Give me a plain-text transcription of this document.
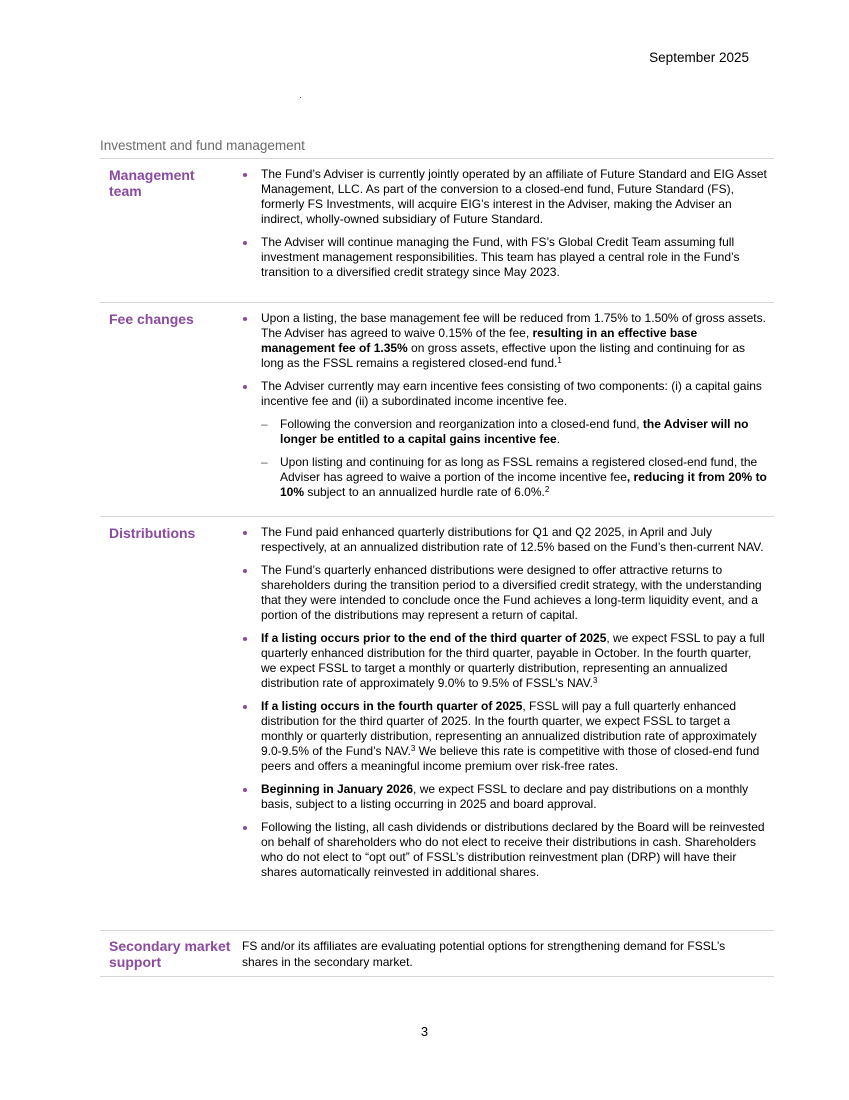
September 2025
Investment and fund management
Management
team
The Fund’s Adviser is currently jointly operated by an affiliate of Future Standard and EIG Asset Management, LLC. As part of the conversion to a closed-end fund, Future Standard (FS), formerly FS Investments, will acquire EIG’s interest in the Adviser, making the Adviser an indirect, wholly-owned subsidiary of Future Standard.
The Adviser will continue managing the Fund, with FS’s Global Credit Team assuming full investment management responsibilities. This team has played a central role in the Fund’s transition to a diversified credit strategy since May 2023.
Fee changes	Upon a listing, the base management fee will be reduced from 1.75% to 1.50% of gross assets. The Adviser has agreed to waive 0.15% of the fee, resulting in an effective base management fee of 1.35% on gross assets, effective upon the listing and continuing for as long as the FSSL remains a registered closed-end fund.$^1$
The Adviser currently may earn incentive fees consisting of two components: (i) a capital gains incentive fee and (ii) a subordinated income incentive fee.
– Following the conversion and reorganization into a closed-end fund, the Adviser will no longer be entitled to a capital gains incentive fee.
– Upon listing and continuing for as long as FSSL remains a registered closed-end fund, the Adviser has agreed to waive a portion of the income incentive fee, reducing it from 20% to 10% subject to an annualized hurdle rate of 6.0%.$^2$
Distributions	The Fund paid enhanced quarterly distributions for Q1 and Q2 2025, in April and July respectively, at an annualized distribution rate of 12.5% based on the Fund’s then-current NAV.
The Fund’s quarterly enhanced distributions were designed to offer attractive returns to shareholders during the transition period to a diversified credit strategy, with the understanding that they were intended to conclude once the Fund achieves a long-term liquidity event, and a portion of the distributions may represent a return of capital.
If a listing occurs prior to the end of the third quarter of 2025, we expect FSSL to pay a full quarterly enhanced distribution for the third quarter, payable in October. In the fourth quarter, we expect FSSL to target a monthly or quarterly distribution, representing an annualized distribution rate of approximately 9.0% to 9.5% of FSSL’s NAV.$^3$
If a listing occurs in the fourth quarter of 2025, FSSL will pay a full quarterly enhanced distribution for the third quarter of 2025. In the fourth quarter, we expect FSSL to target a monthly or quarterly distribution, representing an annualized distribution rate of approximately 9.0-9.5% of the Fund’s NAV.$^3$ We believe this rate is competitive with those of closed-end fund peers and offers a meaningful income premium over risk-free rates.
Beginning in January 2026, we expect FSSL to declare and pay distributions on a monthly basis, subject to a listing occurring in 2025 and board approval.
Following the listing, all cash dividends or distributions declared by the Board will be reinvested on behalf of shareholders who do not elect to receive their distributions in cash. Shareholders who do not elect to “opt out” of FSSL’s distribution reinvestment plan (DRP) will have their shares automatically reinvested in additional shares.
Secondary market
support
FS and/or its affiliates are evaluating potential options for strengthening demand for FSSL’s shares in the secondary market.
3
